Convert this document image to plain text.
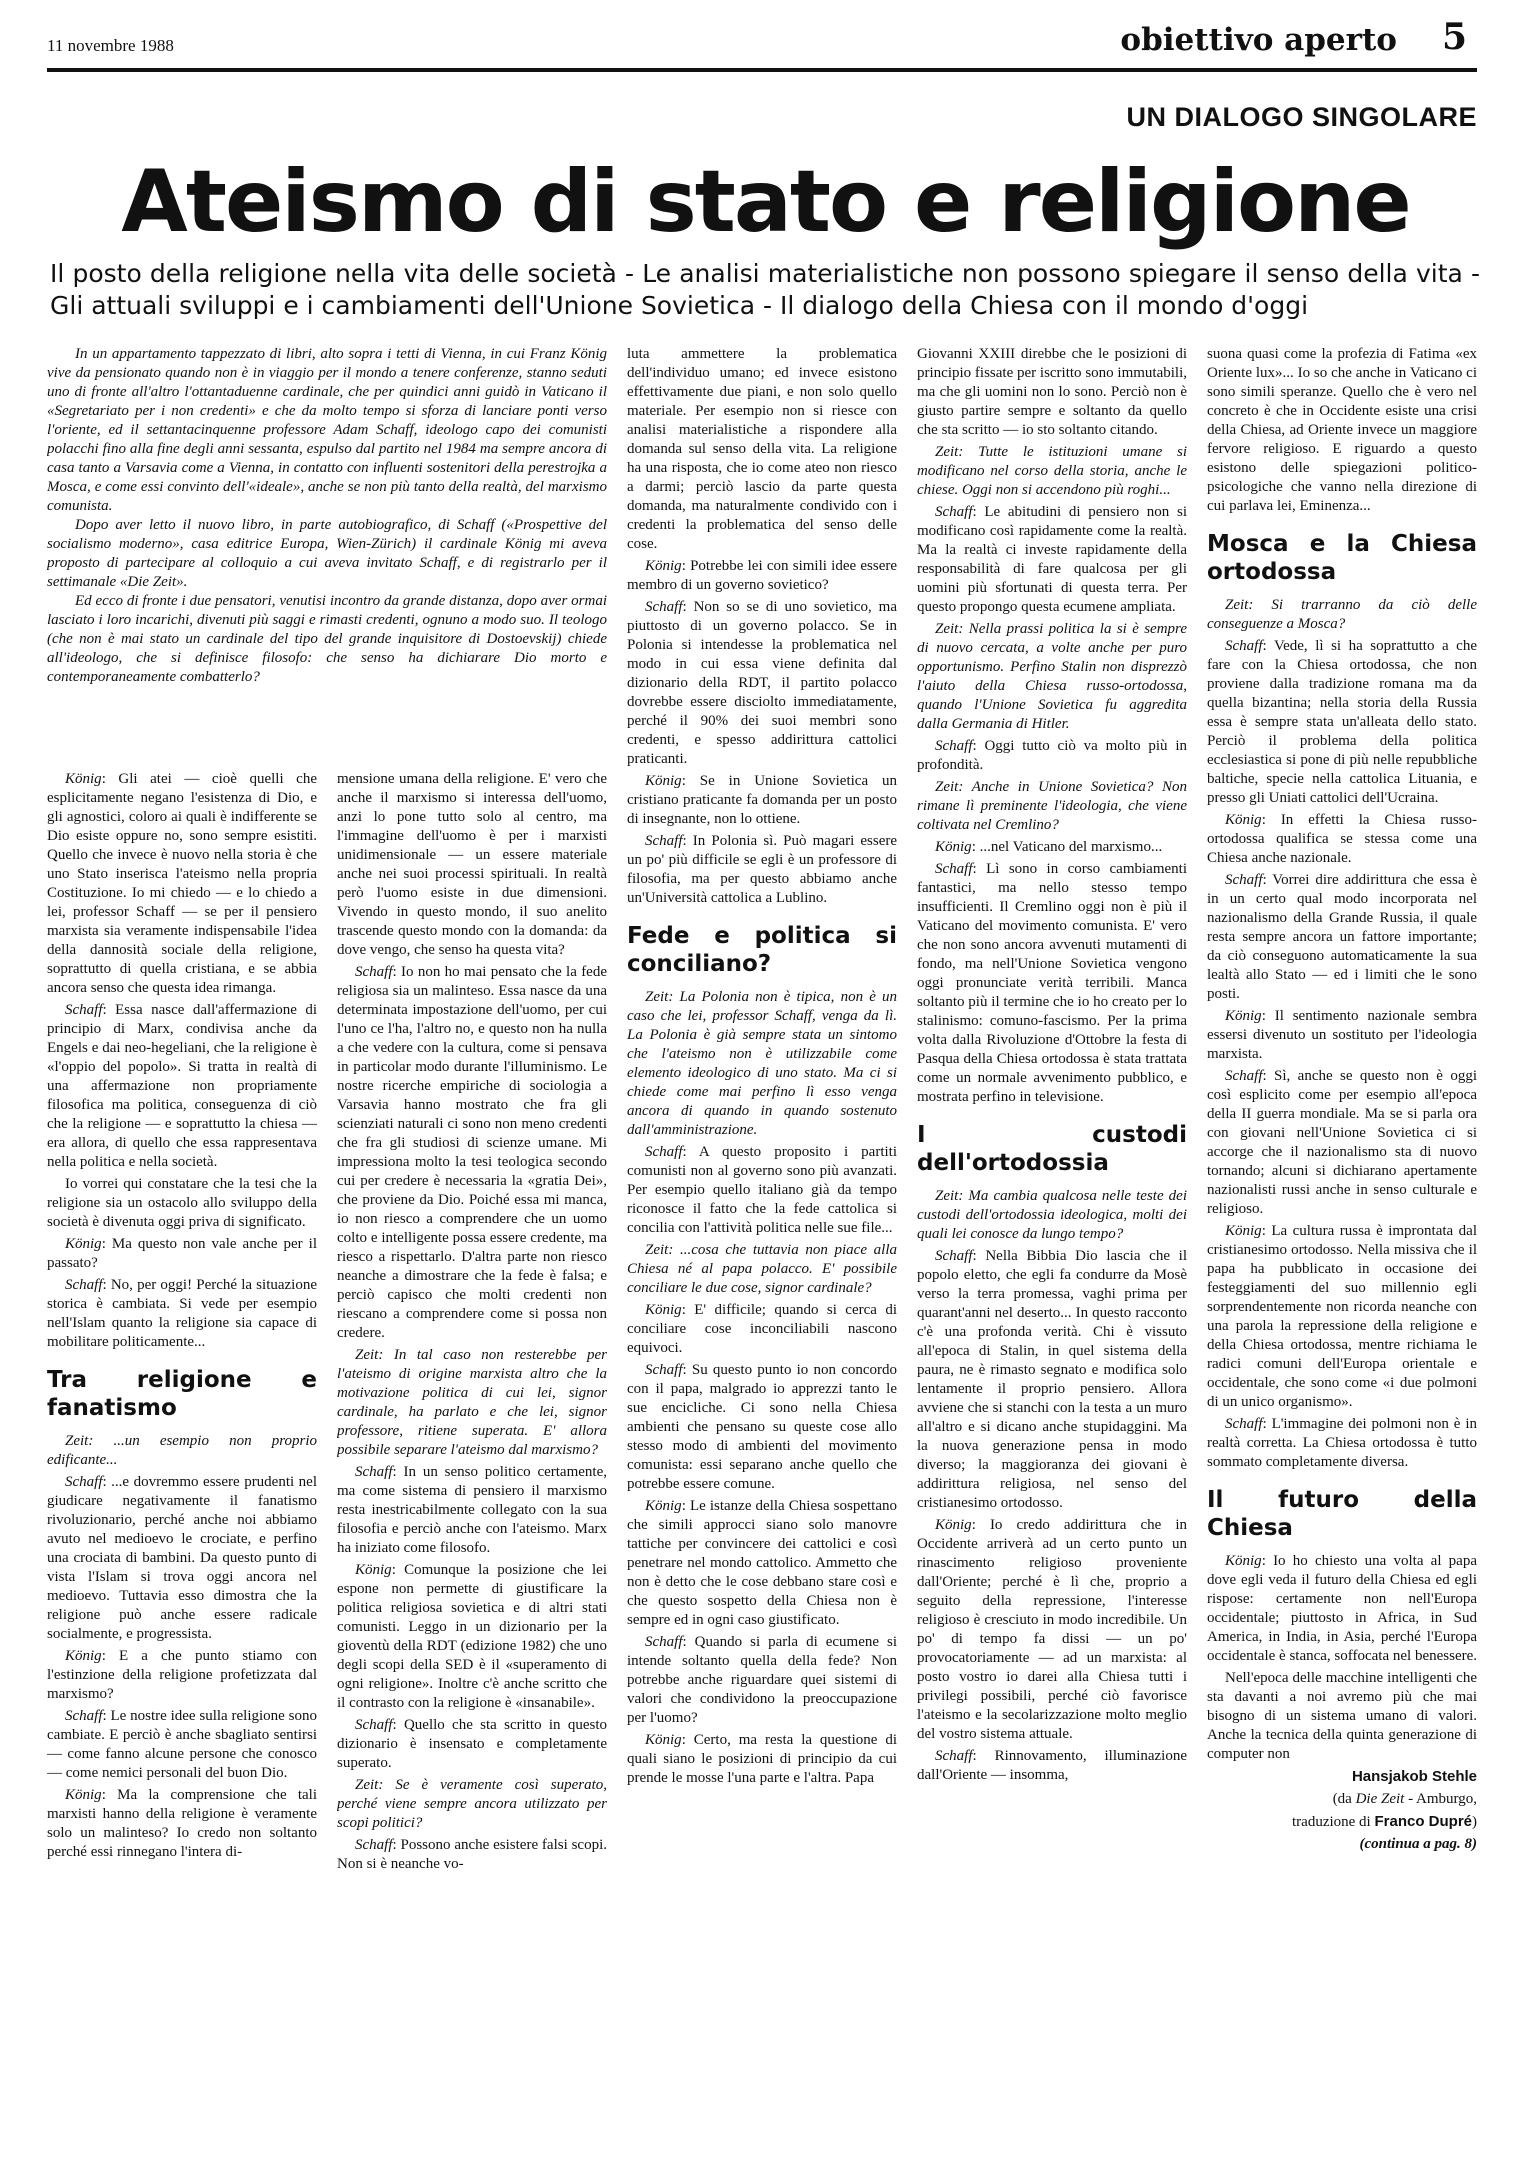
11 novembre 1988	obiettivo aperto 5
UN DIALOGO SINGOLARE
Ateismo di stato e religione
Il posto della religione nella vita delle società - Le analisi materialistiche non possono spiegare il senso della vita - Gli attuali sviluppi e i cambiamenti dell'Unione Sovietica - Il dialogo della Chiesa con il mondo d'oggi

In un appartamento tappezzato di libri, alto sopra i tetti di Vienna, in cui Franz König vive da pensionato quando non è in viaggio per il mondo a tenere conferenze, stanno seduti uno di fronte all'altro l'ottantaduenne cardinale, che per quindici anni guidò in Vaticano il «Segretariato per i non credenti» e che da molto tempo si sforza di lanciare ponti verso l'oriente, ed il settantacinquenne professore Adam Schaff, ideologo capo dei comunisti polacchi fino alla fine degli anni sessanta, espulso dal partito nel 1984 ma sempre ancora di casa tanto a Varsavia come a Vienna, in contatto con influenti sostenitori della perestrojka a Mosca, e come essi convinto dell'«ideale», anche se non più tanto della realtà, del marxismo comunista.

Dopo aver letto il nuovo libro, in parte autobiografico, di Schaff («Prospettive del socialismo moderno», casa editrice Europa, Wien-Zürich) il cardinale König mi aveva proposto di partecipare al colloquio a cui aveva invitato Schaff, e di registrarlo per il settimanale «Die Zeit».

Ed ecco di fronte i due pensatori, venutisi incontro da grande distanza, dopo aver ormai lasciato i loro incarichi, divenuti più saggi e rimasti credenti, ognuno a modo suo. Il teologo (che non è mai stato un cardinale del tipo del grande inquisitore di Dostoevskij) chiede all'ideologo, che si definisce filosofo: che senso ha dichiarare Dio morto e contemporaneamente combatterlo?

König: Gli atei — cioè quelli che esplicitamente negano l'esistenza di Dio, e gli agnostici, coloro ai quali è indifferente se Dio esiste oppure no, sono sempre esistiti. Quello che invece è nuovo nella storia è che uno Stato inserisca l'ateismo nella propria Costituzione. Io mi chiedo — e lo chiedo a lei, professor Schaff — se per il pensiero marxista sia veramente indispensabile l'idea della dannosità sociale della religione, soprattutto di quella cristiana, e se abbia ancora senso che questa idea rimanga.

Schaff: Essa nasce dall'affermazione di principio di Marx, condivisa anche da Engels e dai neo-hegeliani, che la religione è «l'oppio del popolo». Si tratta in realtà di una affermazione non propriamente filosofica ma politica, conseguenza di ciò che la religione — e soprattutto la chiesa — era allora, di quello che essa rappresentava nella politica e nella società.

Io vorrei qui constatare che la tesi che la religione sia un ostacolo allo sviluppo della società è divenuta oggi priva di significato.

König: Ma questo non vale anche per il passato?

Schaff: No, per oggi! Perché la situazione storica è cambiata. Si vede per esempio nell'Islam quanto la religione sia capace di mobilitare politicamente...

Tra religione e fanatismo

Zeit: ...un esempio non proprio edificante...

Schaff: ...e dovremmo essere prudenti nel giudicare negativamente il fanatismo rivoluzionario, perché anche noi abbiamo avuto nel medioevo le crociate, e perfino una crociata di bambini. Da questo punto di vista l'Islam si trova oggi ancora nel medioevo. Tuttavia esso dimostra che la religione può anche essere radicale socialmente, e progressista.

König: E a che punto stiamo con l'estinzione della religione profetizzata dal marxismo?

Schaff: Le nostre idee sulla religione sono cambiate. E perciò è anche sbagliato sentirsi — come fanno alcune persone che conosco — come nemici personali del buon Dio.

König: Ma la comprensione che tali marxisti hanno della religione è veramente solo un malinteso? Io credo non soltanto perché essi rinnegano l'intera di-

mensione umana della religione. E' vero che anche il marxismo si interessa dell'uomo, anzi lo pone tutto solo al centro, ma l'immagine dell'uomo è per i marxisti unidimensionale — un essere materiale anche nei suoi processi spirituali. In realtà però l'uomo esiste in due dimensioni. Vivendo in questo mondo, il suo anelito trascende questo mondo con la domanda: da dove vengo, che senso ha questa vita?

Schaff: Io non ho mai pensato che la fede religiosa sia un malinteso. Essa nasce da una determinata impostazione dell'uomo, per cui l'uno ce l'ha, l'altro no, e questo non ha nulla a che vedere con la cultura, come si pensava in particolar modo durante l'illuminismo. Le nostre ricerche empiriche di sociologia a Varsavia hanno mostrato che fra gli scienziati naturali ci sono non meno credenti che fra gli studiosi di scienze umane. Mi impressiona molto la tesi teologica secondo cui per credere è necessaria la «gratia Dei», che proviene da Dio. Poiché essa mi manca, io non riesco a comprendere che un uomo colto e intelligente possa essere credente, ma riesco a rispettarlo. D'altra parte non riesco neanche a dimostrare che la fede è falsa; e perciò capisco che molti credenti non riescano a comprendere come si possa non credere.

Zeit: In tal caso non resterebbe per l'ateismo di origine marxista altro che la motivazione politica di cui lei, signor cardinale, ha parlato e che lei, signor professore, ritiene superata. E' allora possibile separare l'ateismo dal marxismo?

Schaff: In un senso politico certamente, ma come sistema di pensiero il marxismo resta inestricabilmente collegato con la sua filosofia e perciò anche con l'ateismo. Marx ha iniziato come filosofo.

König: Comunque la posizione che lei espone non permette di giustificare la politica religiosa sovietica e di altri stati comunisti. Leggo in un dizionario per la gioventù della RDT (edizione 1982) che uno degli scopi della SED è il «superamento di ogni religione». Inoltre c'è anche scritto che il contrasto con la religione è «insanabile».

Schaff: Quello che sta scritto in questo dizionario è insensato e completamente superato.

Zeit: Se è veramente così superato, perché viene sempre ancora utilizzato per scopi politici?

Schaff: Possono anche esistere falsi scopi. Non si è neanche vo-

luta ammettere la problematica dell'individuo umano; ed invece esistono effettivamente due piani, e non solo quello materiale. Per esempio non si riesce con analisi materialistiche a rispondere alla domanda sul senso della vita. La religione ha una risposta, che io come ateo non riesco a darmi; perciò lascio da parte questa domanda, ma naturalmente condivido con i credenti la problematica del senso delle cose.

König: Potrebbe lei con simili idee essere membro di un governo sovietico?

Schaff: Non so se di uno sovietico, ma piuttosto di un governo polacco. Se in Polonia si intendesse la problematica nel modo in cui essa viene definita dal dizionario della RDT, il partito polacco dovrebbe essere disciolto immediatamente, perché il 90% dei suoi membri sono credenti, e spesso addirittura cattolici praticanti.

König: Se in Unione Sovietica un cristiano praticante fa domanda per un posto di insegnante, non lo ottiene.

Schaff: In Polonia sì. Può magari essere un po' più difficile se egli è un professore di filosofia, ma per questo abbiamo anche un'Università cattolica a Lublino.

Fede e politica si conciliano?

Zeit: La Polonia non è tipica, non è un caso che lei, professor Schaff, venga da lì. La Polonia è già sempre stata un sintomo che l'ateismo non è utilizzabile come elemento ideologico di uno stato. Ma ci si chiede come mai perfino lì esso venga ancora di quando in quando sostenuto dall'amministrazione.

Schaff: A questo proposito i partiti comunisti non al governo sono più avanzati. Per esempio quello italiano già da tempo riconosce il fatto che la fede cattolica si concilia con l'attività politica nelle sue file...

Zeit: ...cosa che tuttavia non piace alla Chiesa né al papa polacco. E' possibile conciliare le due cose, signor cardinale?

König: E' difficile; quando si cerca di conciliare cose inconciliabili nascono equivoci.

Schaff: Su questo punto io non concordo con il papa, malgrado io apprezzi tanto le sue encicliche. Ci sono nella Chiesa ambienti che pensano su queste cose allo stesso modo di ambienti del movimento comunista: essi separano anche quello che potrebbe essere comune.

König: Le istanze della Chiesa sospettano che simili approcci siano solo manovre tattiche per convincere dei cattolici e così penetrare nel mondo cattolico. Ammetto che non è detto che le cose debbano stare così e che questo sospetto della Chiesa non è sempre ed in ogni caso giustificato.

Schaff: Quando si parla di ecumene si intende soltanto quella della fede? Non potrebbe anche riguardare quei sistemi di valori che condividono la preoccupazione per l'uomo?

König: Certo, ma resta la questione di quali siano le posizioni di principio da cui prende le mosse l'una parte e l'altra. Papa

Giovanni XXIII direbbe che le posizioni di principio fissate per iscritto sono immutabili, ma che gli uomini non lo sono. Perciò non è giusto partire sempre e soltanto da quello che sta scritto — io sto soltanto citando.

Zeit: Tutte le istituzioni umane si modificano nel corso della storia, anche le chiese. Oggi non si accendono più roghi...

Schaff: Le abitudini di pensiero non si modificano così rapidamente come la realtà. Ma la realtà ci investe rapidamente della responsabilità di fare qualcosa per gli uomini più sfortunati di questa terra. Per questo propongo questa ecumene ampliata.

Zeit: Nella prassi politica la si è sempre di nuovo cercata, a volte anche per puro opportunismo. Perfino Stalin non disprezzò l'aiuto della Chiesa russo-ortodossa, quando l'Unione Sovietica fu aggredita dalla Germania di Hitler.

Schaff: Oggi tutto ciò va molto più in profondità.

Zeit: Anche in Unione Sovietica? Non rimane lì preminente l'ideologia, che viene coltivata nel Cremlino?

König: ...nel Vaticano del marxismo...

Schaff: Lì sono in corso cambiamenti fantastici, ma nello stesso tempo insufficienti. Il Cremlino oggi non è più il Vaticano del movimento comunista. E' vero che non sono ancora avvenuti mutamenti di fondo, ma nell'Unione Sovietica vengono oggi pronunciate verità terribili. Manca soltanto più il termine che io ho creato per lo stalinismo: comuno-fascismo. Per la prima volta dalla Rivoluzione d'Ottobre la festa di Pasqua della Chiesa ortodossa è stata trattata come un normale avvenimento pubblico, e mostrata perfino in televisione.

I custodi dell'ortodossia

Zeit: Ma cambia qualcosa nelle teste dei custodi dell'ortodossia ideologica, molti dei quali lei conosce da lungo tempo?

Schaff: Nella Bibbia Dio lascia che il popolo eletto, che egli fa condurre da Mosè verso la terra promessa, vaghi prima per quarant'anni nel deserto... In questo racconto c'è una profonda verità. Chi è vissuto all'epoca di Stalin, in quel sistema della paura, ne è rimasto segnato e modifica solo lentamente il proprio pensiero. Allora avviene che si stanchi con la testa a un muro all'altro e si dicano anche stupidaggini. Ma la nuova generazione pensa in modo diverso; la maggioranza dei giovani è addirittura religiosa, nel senso del cristianesimo ortodosso.

König: Io credo addirittura che in Occidente arriverà ad un certo punto un rinascimento religioso proveniente dall'Oriente; perché è lì che, proprio a seguito della repressione, l'interesse religioso è cresciuto in modo incredibile. Un po' di tempo fa dissi — un po' provocatoriamente — ad un marxista: al posto vostro io darei alla Chiesa tutti i privilegi possibili, perché ciò favorisce l'ateismo e la secolarizzazione molto meglio del vostro sistema attuale.

Schaff: Rinnovamento, illuminazione dall'Oriente — insomma,

suona quasi come la profezia di Fatima «ex Oriente lux»... Io so che anche in Vaticano ci sono simili speranze. Quello che è vero nel concreto è che in Occidente esiste una crisi della Chiesa, ad Oriente invece un maggiore fervore religioso. E riguardo a questo esistono delle spiegazioni politico-psicologiche che vanno nella direzione di cui parlava lei, Eminenza...

Mosca e la Chiesa ortodossa

Zeit: Si trarranno da ciò delle conseguenze a Mosca?

Schaff: Vede, lì si ha soprattutto a che fare con la Chiesa ortodossa, che non proviene dalla tradizione romana ma da quella bizantina; nella storia della Russia essa è sempre stata un'alleata dello stato. Perciò il problema della politica ecclesiastica si pone di più nelle repubbliche baltiche, specie nella cattolica Lituania, e presso gli Uniati cattolici dell'Ucraina.

König: In effetti la Chiesa russo-ortodossa qualifica se stessa come una Chiesa anche nazionale.

Schaff: Vorrei dire addirittura che essa è in un certo qual modo incorporata nel nazionalismo della Grande Russia, il quale resta sempre ancora un fattore importante; da ciò conseguono automaticamente la sua lealtà allo Stato — ed i limiti che le sono posti.

König: Il sentimento nazionale sembra essersi divenuto un sostituto per l'ideologia marxista.

Schaff: Sì, anche se questo non è oggi così esplicito come per esempio all'epoca della II guerra mondiale. Ma se si parla ora con giovani nell'Unione Sovietica ci si accorge che il nazionalismo sta di nuovo tornando; alcuni si dichiarano apertamente nazionalisti russi anche in senso culturale e religioso.

König: La cultura russa è improntata dal cristianesimo ortodosso. Nella missiva che il papa ha pubblicato in occasione dei festeggiamenti del suo millennio egli sorprendentemente non ricorda neanche con una parola la repressione della religione e della Chiesa ortodossa, mentre richiama le radici comuni dell'Europa orientale e occidentale, che sono come «i due polmoni di un unico organismo».

Schaff: L'immagine dei polmoni non è in realtà corretta. La Chiesa ortodossa è tutto sommato completamente diversa.

Il futuro della Chiesa

König: Io ho chiesto una volta al papa dove egli veda il futuro della Chiesa ed egli rispose: certamente non nell'Europa occidentale; piuttosto in Africa, in Sud America, in India, in Asia, perché l'Europa occidentale è stanca, soffocata nel benessere.

Nell'epoca delle macchine intelligenti che sta davanti a noi avremo più che mai bisogno di un sistema umano di valori. Anche la tecnica della quinta generazione di computer non

Hansjakob Stehle

(da Die Zeit - Amburgo,

traduzione di Franco Dupré)

(continua a pag. 8)
